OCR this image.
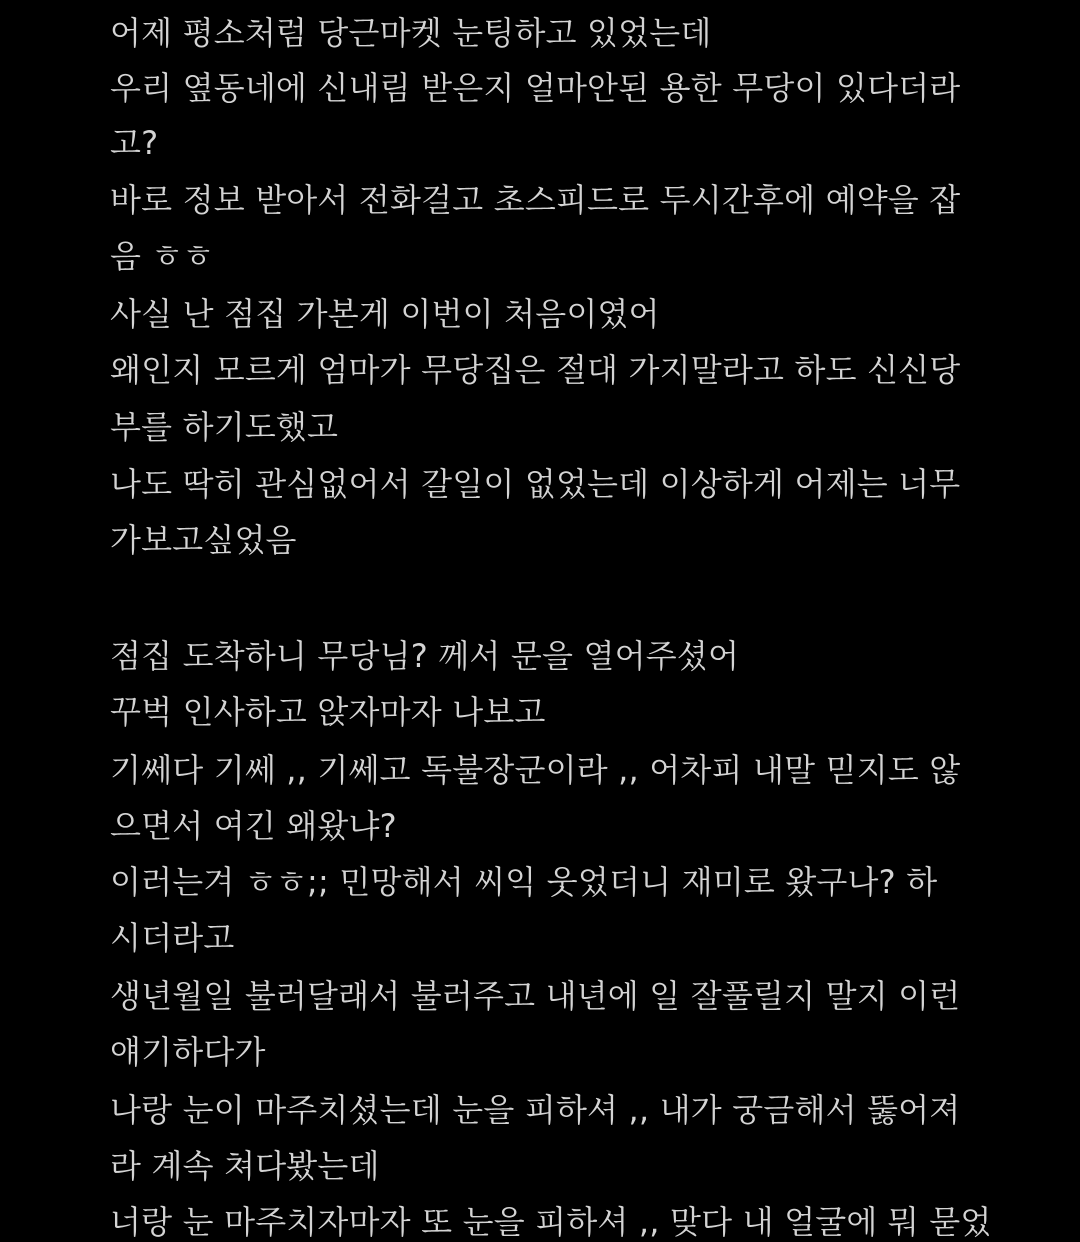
어제 평소처럼 당근마켓 눈팅하고 있었는데

우리 옆동네에 신내림 받은지 얼마안된 용한 무당이 있다더라

고?

바로 정보 받아서 전화걸고 초스피드로 두시간후에 예약을 잡

음 ㅎㅎ

사실 난 점집 가본게 이번이 처음이였어

왜인지 모르게 엄마가 무당집은 절대 가지말라고 하도 신신당

부를 하기도했고

나도 딱히 관심없어서 갈일이 없었는데 이상하게 어제는 너무

가보고싶었음

점집 도착하니 무당님? 께서 문을 열어주셨어

꾸벅 인사하고 앉자마자 나보고

기쎄다 기쎄 ,, 기쎄고 독불장군이라 ,, 어차피 내말 믿지도 않

으면서 여긴 왜왔냐?

이러는겨 ㅎㅎ;; 민망해서 씨익 웃었더니 재미로 왔구나? 하

시더라고

생년월일 불러달래서 불러주고 내년에 일 잘풀릴지 말지 이런

얘기하다가

나랑 눈이 마주치셨는데 눈을 피하셔 ,, 내가 궁금해서 뚫어져

라 계속 쳐다봤는데

너랑 눈 마주치자마자 또 눈을 피하셔 ,, 맞다 내 얼굴에 뭐 묻었
